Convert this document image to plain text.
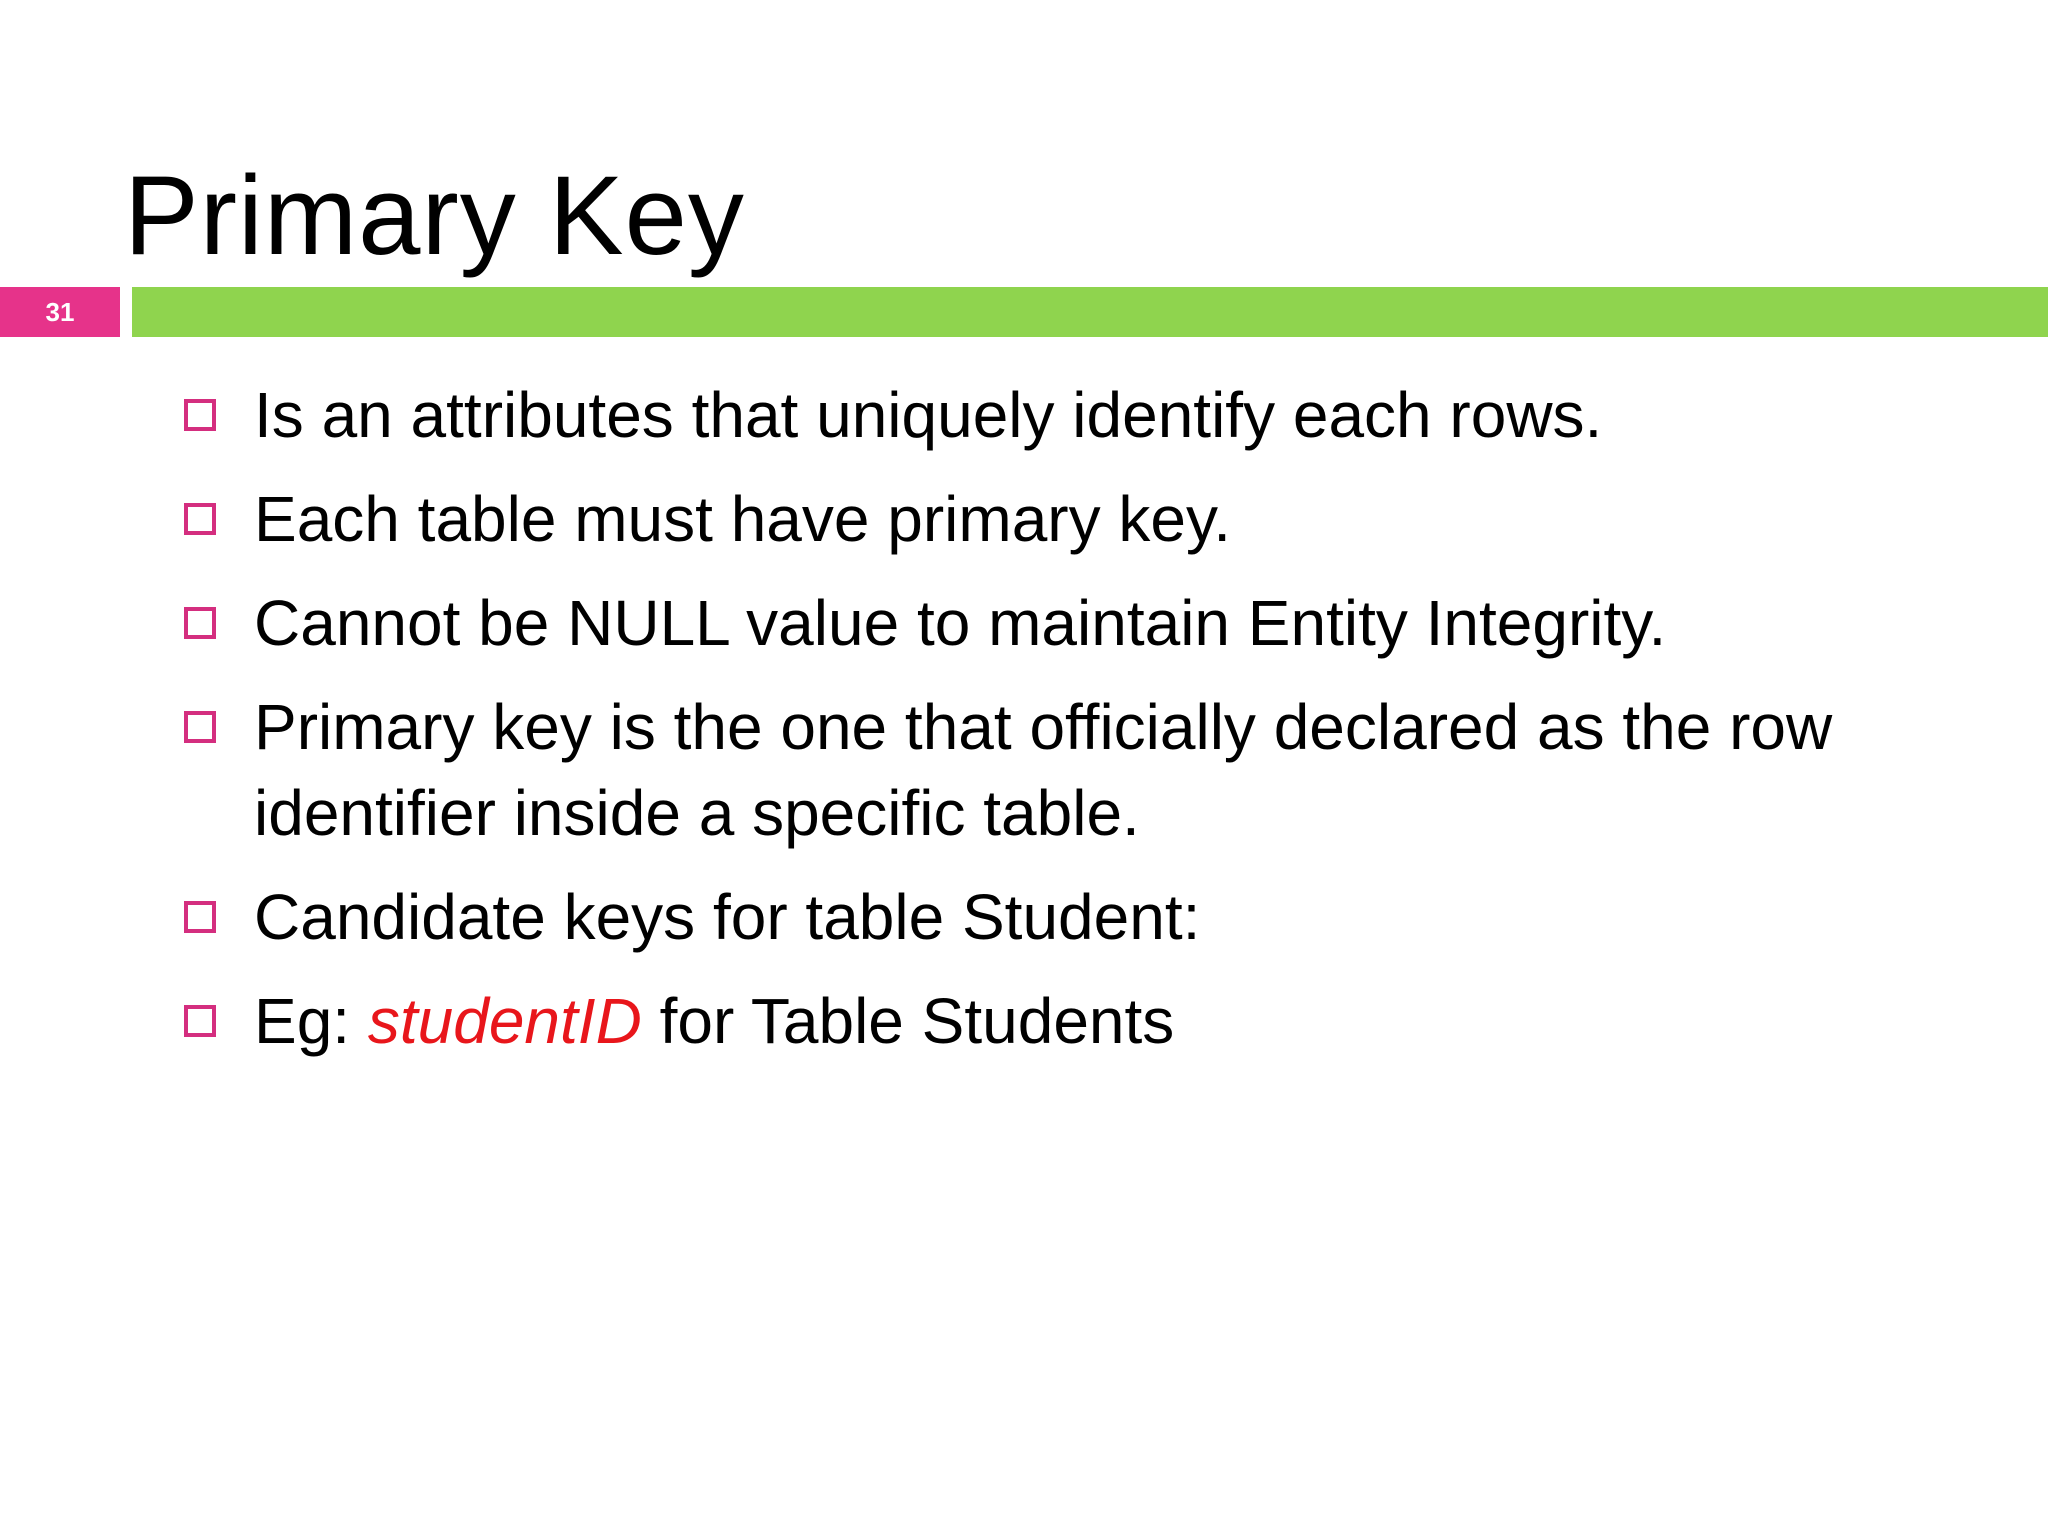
Primary Key
31
Is an attributes that uniquely identify each rows.
Each table must have primary key.
Cannot be NULL value to maintain Entity Integrity.
Primary key is the one that officially declared as the row identifier inside a specific table.
Candidate keys for table Student:
Eg: studentID for Table Students
